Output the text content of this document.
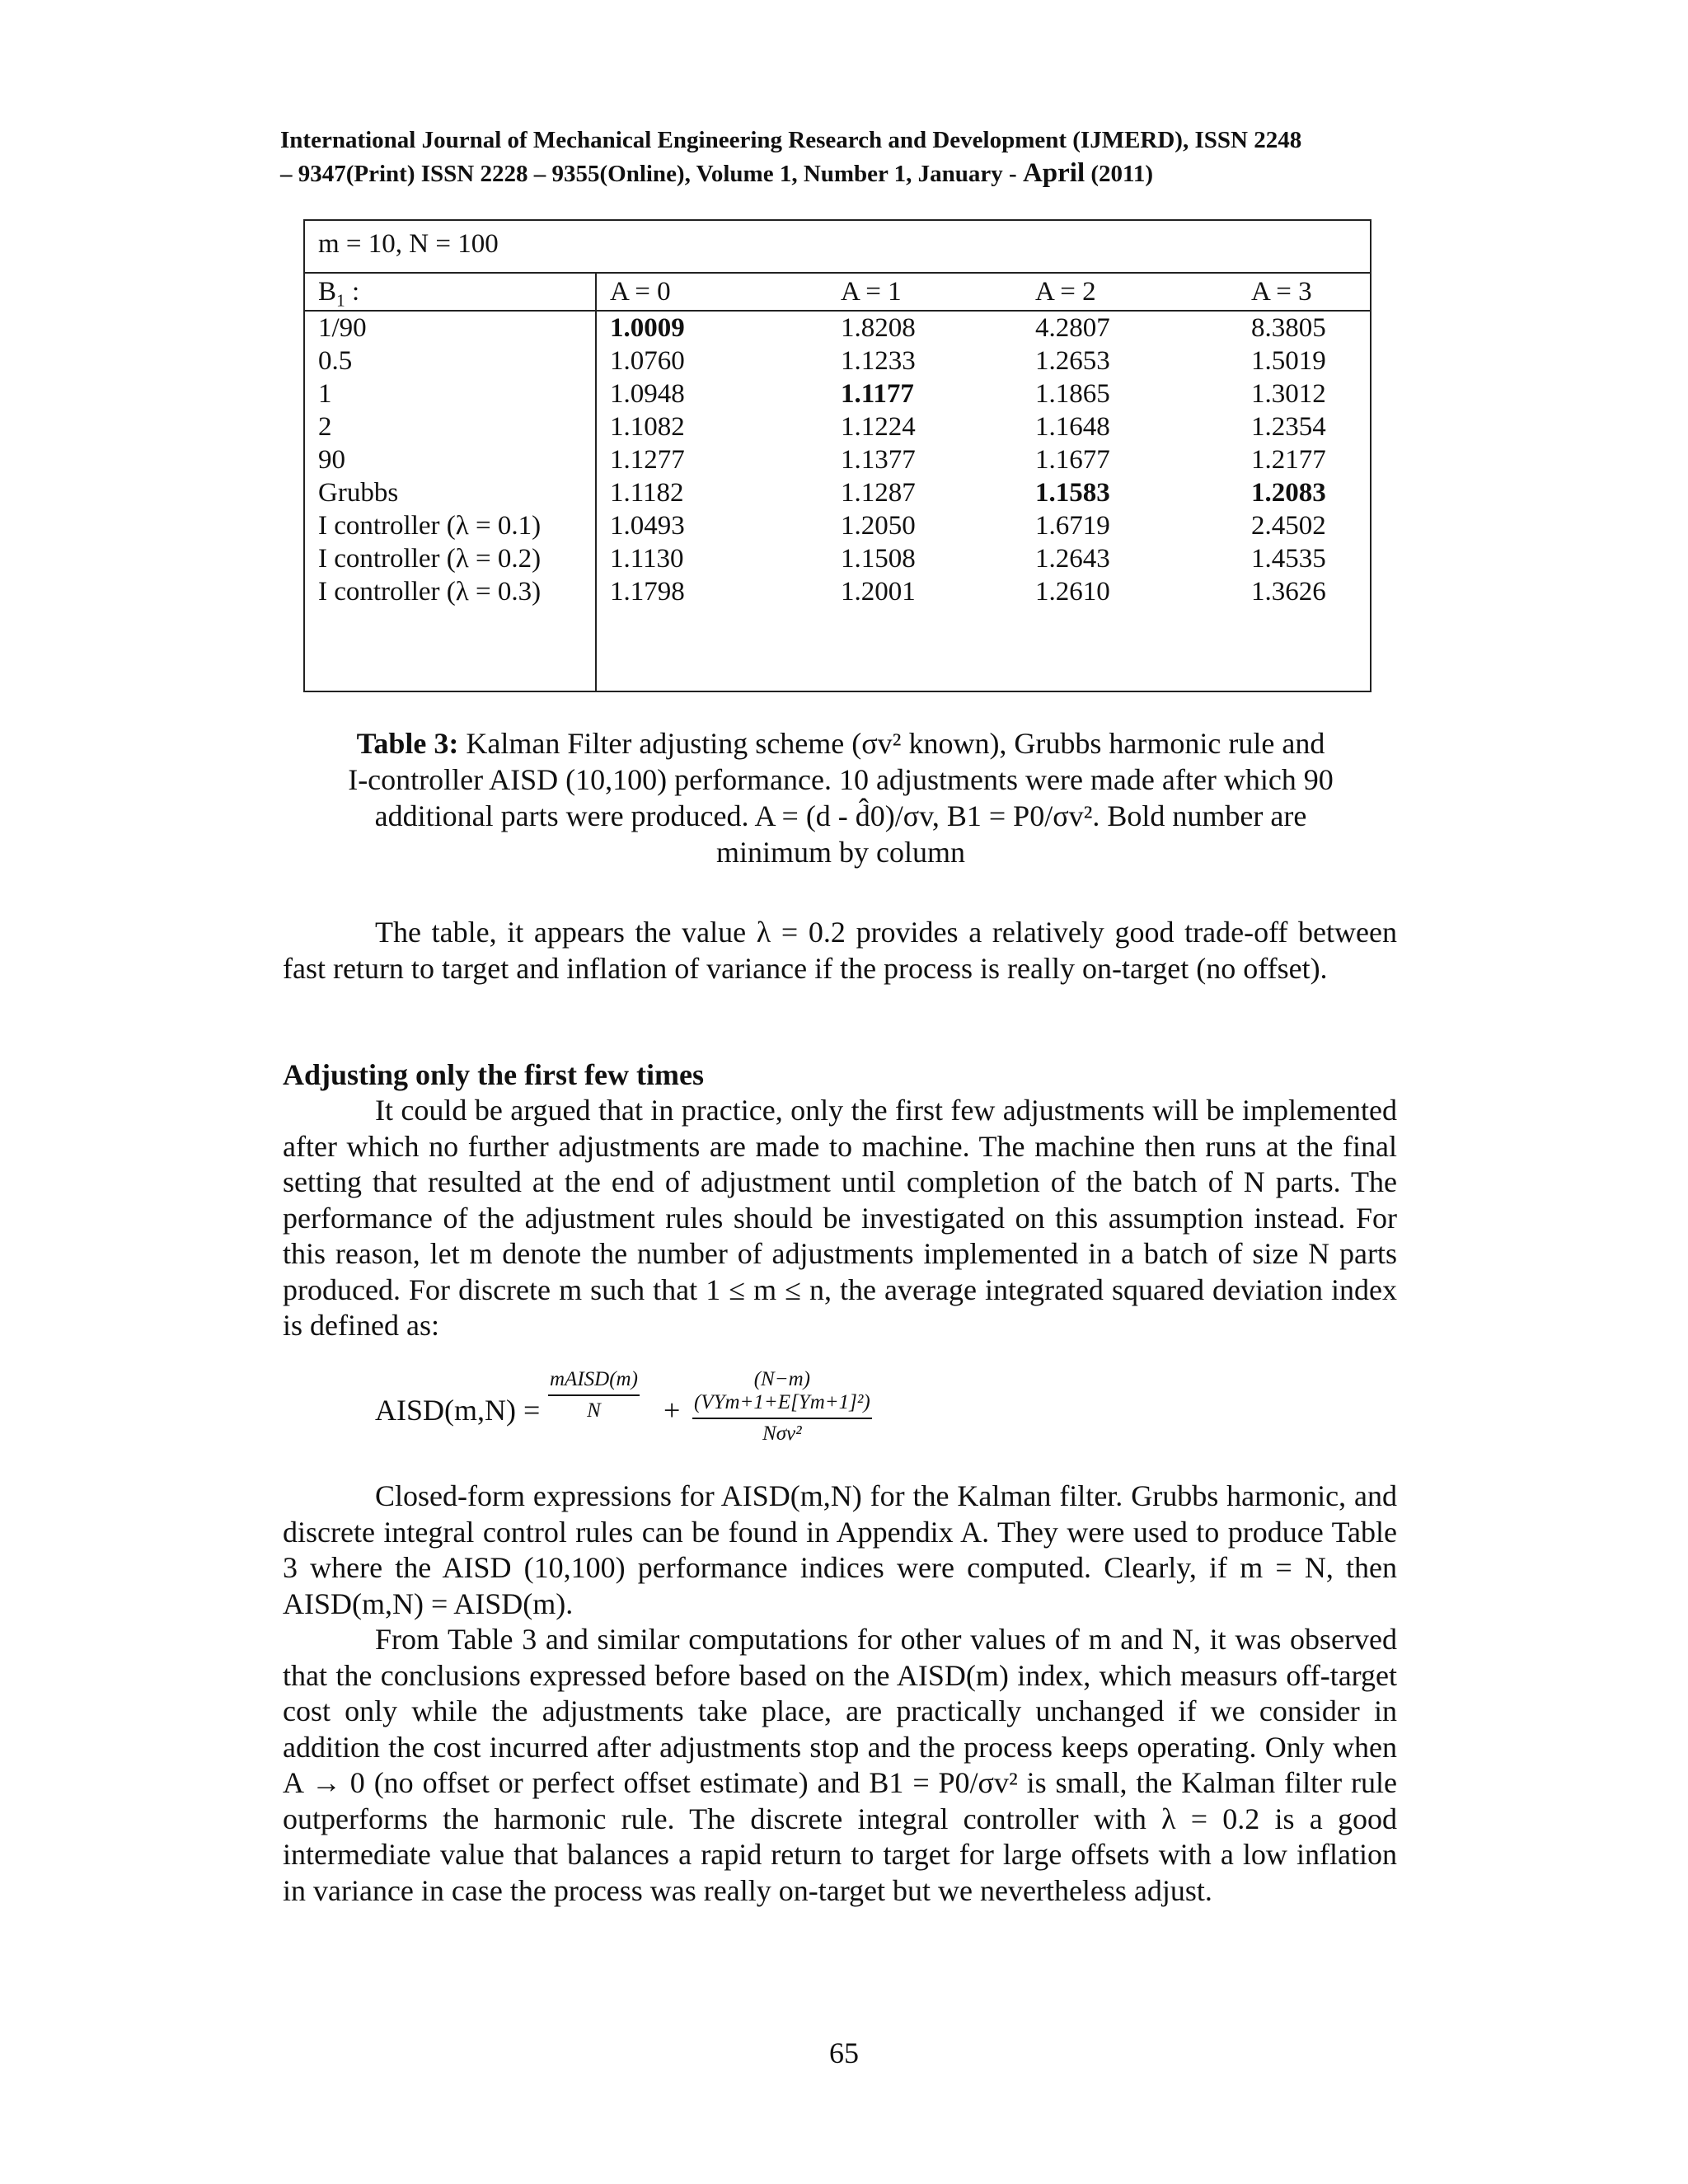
International Journal of Mechanical Engineering Research and Development (IJMERD), ISSN 2248
– 9347(Print) ISSN 2228 – 9355(Online), Volume 1, Number 1, January - April (2011)
m = 10, N = 100
$B_1$ :	A = 0	A = 1	A = 2	A = 3
1/90	1.0009	1.8208	4.2807	8.3805
0.5	1.0760	1.1233	1.2653	1.5019
1	1.0948	1.1177	1.1865	1.3012
2	1.1082	1.1224	1.1648	1.2354
90	1.1277	1.1377	1.1677	1.2177
Grubbs	1.1182	1.1287	1.1583	1.2083
I controller (λ = 0.1)	1.0493	1.2050	1.6719	2.4502
I controller (λ = 0.2)	1.1130	1.1508	1.2643	1.4535
I controller (λ = 0.3)	1.1798	1.2001	1.2610	1.3626
Table 3: Kalman Filter adjusting scheme (σv² known), Grubbs harmonic rule and
I-controller AISD (10,100) performance. 10 adjustments were made after which 90
additional parts were produced. A = (d - d̂0)/σv, B1 = P0/σv². Bold number are
minimum by column
The table, it appears the value λ = 0.2 provides a relatively good trade-off between fast return to target and inflation of variance if the process is really on-target (no offset).
Adjusting only the first few times
It could be argued that in practice, only the first few adjustments will be implemented after which no further adjustments are made to machine. The machine then runs at the final setting that resulted at the end of adjustment until completion of the batch of N parts. The performance of the adjustment rules should be investigated on this assumption instead. For this reason, let m denote the number of adjustments implemented in a batch of size N parts produced. For discrete m such that 1 ≤ m ≤ n, the average integrated squared deviation index is defined as:
AISD(m,N) =
mAISD(m)
N	+
(N−m)(VYm+1+E[Ym+1]²)
Nσv²
Closed-form expressions for AISD(m,N) for the Kalman filter. Grubbs harmonic, and discrete integral control rules can be found in Appendix A. They were used to produce Table 3 where the AISD (10,100) performance indices were computed. Clearly, if m = N, then AISD(m,N) = AISD(m).
From Table 3 and similar computations for other values of m and N, it was observed that the conclusions expressed before based on the AISD(m) index, which measurs off-target cost only while the adjustments take place, are practically unchanged if we consider in addition the cost incurred after adjustments stop and the process keeps operating. Only when A → 0 (no offset or perfect offset estimate) and B1 = P0/σv² is small, the Kalman filter rule outperforms the harmonic rule. The discrete integral controller with λ = 0.2 is a good intermediate value that balances a rapid return to target for large offsets with a low inflation in variance in case the process was really on-target but we nevertheless adjust.
65
